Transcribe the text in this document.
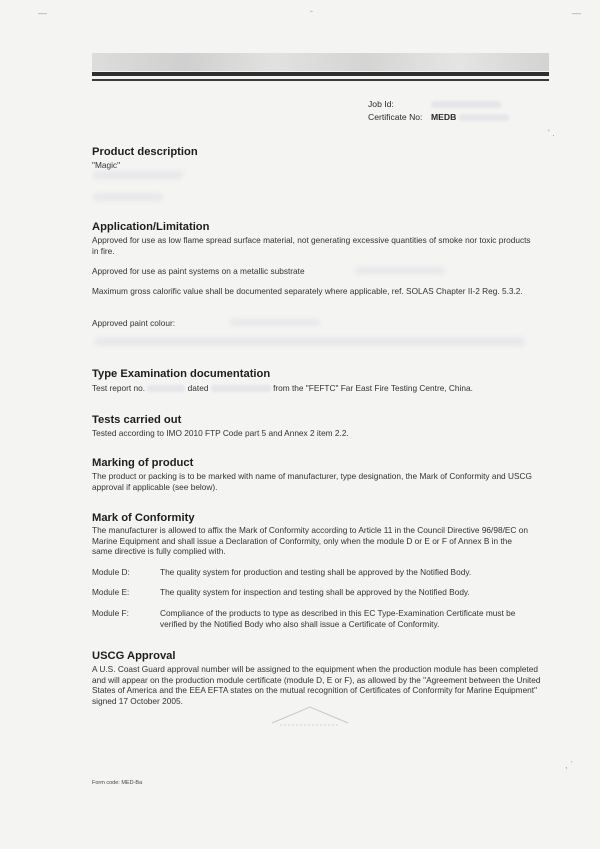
—	-	—
Job Id:
Certificate No: MEDB
Product description
"Magic"
Application/Limitation
Approved for use as low flame spread surface material, not generating excessive quantities of smoke nor toxic products in fire.
Approved for use as paint systems on a metallic substrate
Maximum gross calorific value shall be documented separately where applicable, ref. SOLAS Chapter II-2 Reg. 5.3.2.
Approved paint colour:
Type Examination documentation
Test report no.	dated	from the "FEFTC" Far East Fire Testing Centre, China.
Tests carried out
Tested according to IMO 2010 FTP Code part 5 and Annex 2 item 2.2.
Marking of product
The product or packing is to be marked with name of manufacturer, type designation, the Mark of Conformity and USCG approval if applicable (see below).
Mark of Conformity
The manufacturer is allowed to affix the Mark of Conformity according to Article 11 in the Council Directive 96/98/EC on Marine Equipment and shall issue a Declaration of Conformity, only when the module D or E or F of Annex B in the same directive is fully complied with.
Module D:	The quality system for production and testing shall be approved by the Notified Body.
Module E:	The quality system for inspection and testing shall be approved by the Notified Body.
Module F:	Compliance of the products to type as described in this EC Type-Examination Certificate must be verified by the Notified Body who also shall issue a Certificate of Conformity.
USCG Approval
A U.S. Coast Guard approval number will be assigned to the equipment when the production module has been completed and will appear on the production module certificate (module D, E or F), as allowed by the "Agreement between the United States of America and the EEA EFTA states on the mutual recognition of Certificates of Conformity for Marine Equipment" signed 17 October 2005.
Form code: MED-Ba
' .
, ˊ
